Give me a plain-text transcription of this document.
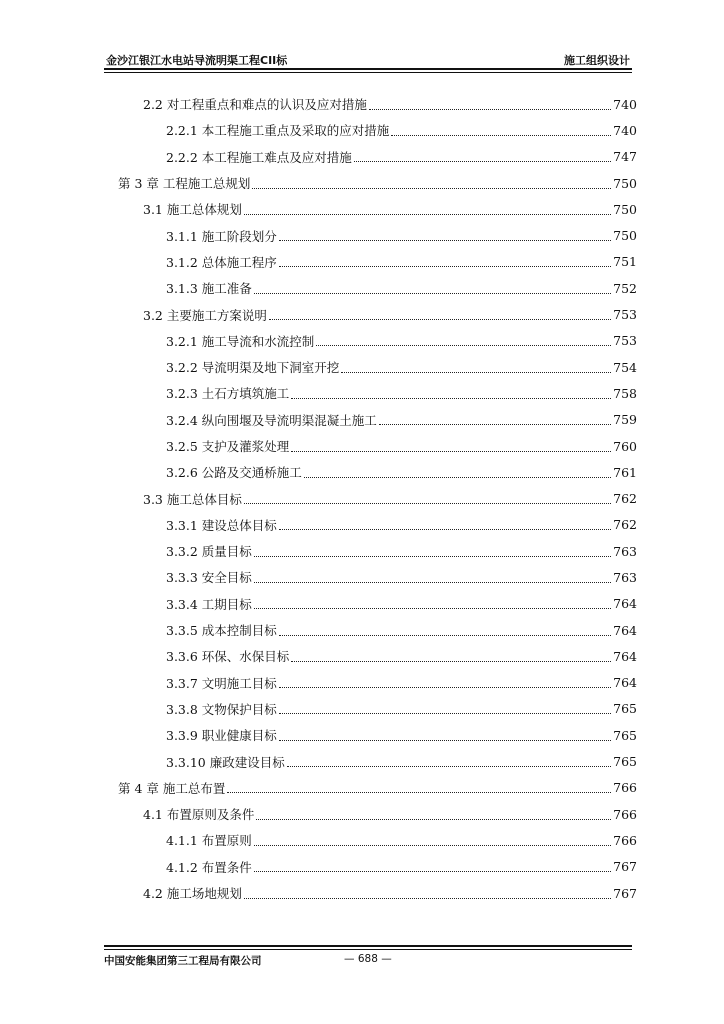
金沙江银江水电站导流明渠工程CII标	施工组织设计
2.2 对工程重点和难点的认识及应对措施	740
2.2.1 本工程施工重点及采取的应对措施	740
2.2.2 本工程施工难点及应对措施	747
第 3 章 工程施工总规划	750
3.1 施工总体规划	750
3.1.1 施工阶段划分	750
3.1.2 总体施工程序	751
3.1.3 施工准备	752
3.2 主要施工方案说明	753
3.2.1 施工导流和水流控制	753
3.2.2 导流明渠及地下洞室开挖	754
3.2.3 土石方填筑施工	758
3.2.4 纵向围堰及导流明渠混凝土施工	759
3.2.5 支护及灌浆处理	760
3.2.6 公路及交通桥施工	761
3.3 施工总体目标	762
3.3.1 建设总体目标	762
3.3.2 质量目标	763
3.3.3 安全目标	763
3.3.4 工期目标	764
3.3.5 成本控制目标	764
3.3.6 环保、水保目标	764
3.3.7 文明施工目标	764
3.3.8 文物保护目标	765
3.3.9 职业健康目标	765
3.3.10 廉政建设目标	765
第 4 章 施工总布置	766
4.1 布置原则及条件	766
4.1.1 布置原则	766
4.1.2 布置条件	767
4.2 施工场地规划	767
中国安能集团第三工程局有限公司	— 688 —
